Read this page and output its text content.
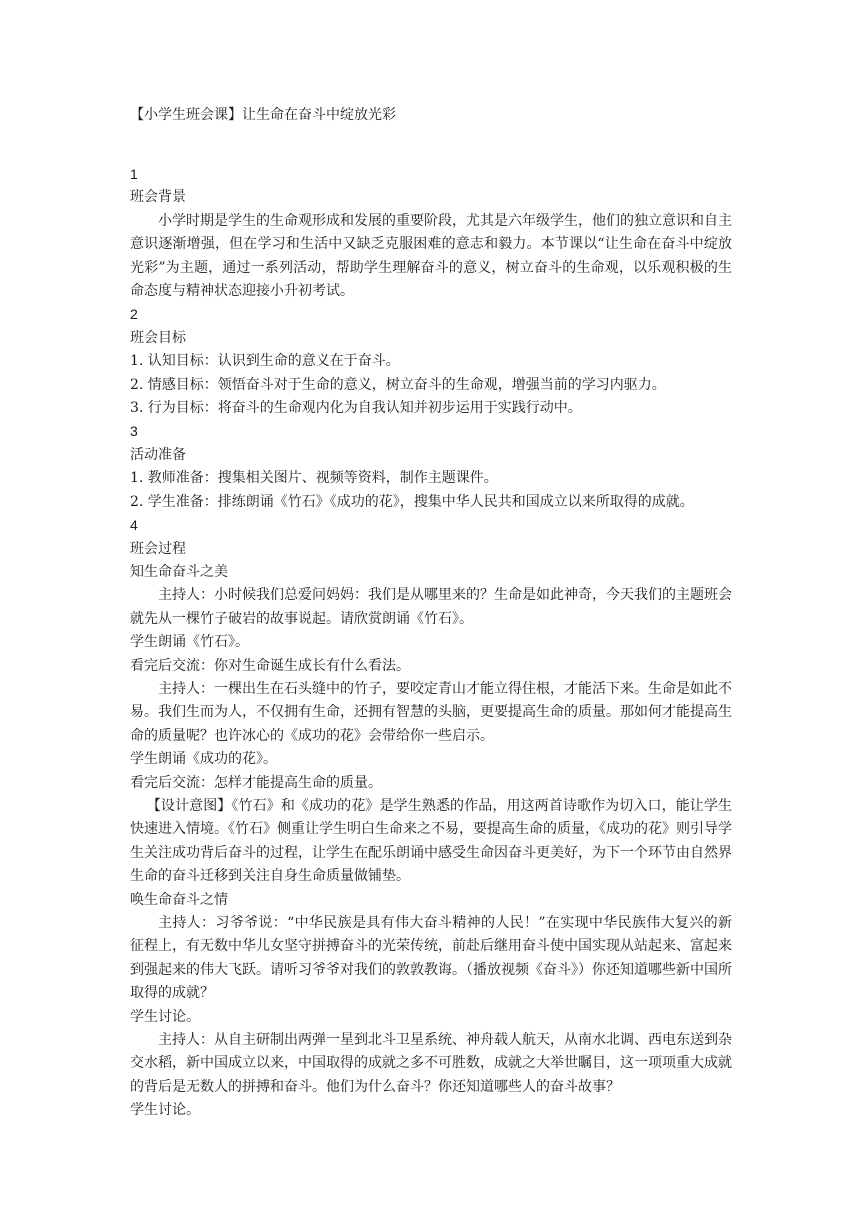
【小学生班会课】让生命在奋斗中绽放光彩

1

班会背景

小学时期是学生的生命观形成和发展的重要阶段，尤其是六年级学生，他们的独立意识和自主意识逐渐增强，但在学习和生活中又缺乏克服困难的意志和毅力。本节课以“让生命在奋斗中绽放光彩”为主题，通过一系列活动，帮助学生理解奋斗的意义，树立奋斗的生命观，以乐观积极的生命态度与精神状态迎接小升初考试。

2

班会目标

1. 认知目标：认识到生命的意义在于奋斗。

2. 情感目标：领悟奋斗对于生命的意义，树立奋斗的生命观，增强当前的学习内驱力。

3. 行为目标：将奋斗的生命观内化为自我认知并初步运用于实践行动中。

3

活动准备

1. 教师准备：搜集相关图片、视频等资料，制作主题课件。

2. 学生准备：排练朗诵《竹石》《成功的花》，搜集中华人民共和国成立以来所取得的成就。

4

班会过程

知生命奋斗之美

主持人：小时候我们总爱问妈妈：我们是从哪里来的？生命是如此神奇，今天我们的主题班会就先从一棵竹子破岩的故事说起。请欣赏朗诵《竹石》。

学生朗诵《竹石》。

看完后交流：你对生命诞生成长有什么看法。

主持人：一棵出生在石头缝中的竹子，要咬定青山才能立得住根，才能活下来。生命是如此不易。我们生而为人，不仅拥有生命，还拥有智慧的头脑，更要提高生命的质量。那如何才能提高生命的质量呢？也许冰心的《成功的花》会带给你一些启示。

学生朗诵《成功的花》。

看完后交流：怎样才能提高生命的质量。

【设计意图】《竹石》和《成功的花》是学生熟悉的作品，用这两首诗歌作为切入口，能让学生快速进入情境。《竹石》侧重让学生明白生命来之不易，要提高生命的质量，《成功的花》则引导学生关注成功背后奋斗的过程，让学生在配乐朗诵中感受生命因奋斗更美好，为下一个环节由自然界生命的奋斗迁移到关注自身生命质量做铺垫。

唤生命奋斗之情

主持人：习爷爷说：“中华民族是具有伟大奋斗精神的人民！”在实现中华民族伟大复兴的新征程上，有无数中华儿女坚守拼搏奋斗的光荣传统，前赴后继用奋斗使中国实现从站起来、富起来到强起来的伟大飞跃。请听习爷爷对我们的敦敦教诲。（播放视频《奋斗》）你还知道哪些新中国所取得的成就？

学生讨论。

主持人：从自主研制出两弹一星到北斗卫星系统、神舟载人航天，从南水北调、西电东送到杂交水稻，新中国成立以来，中国取得的成就之多不可胜数，成就之大举世瞩目，这一项项重大成就的背后是无数人的拼搏和奋斗。他们为什么奋斗？你还知道哪些人的奋斗故事？

学生讨论。
